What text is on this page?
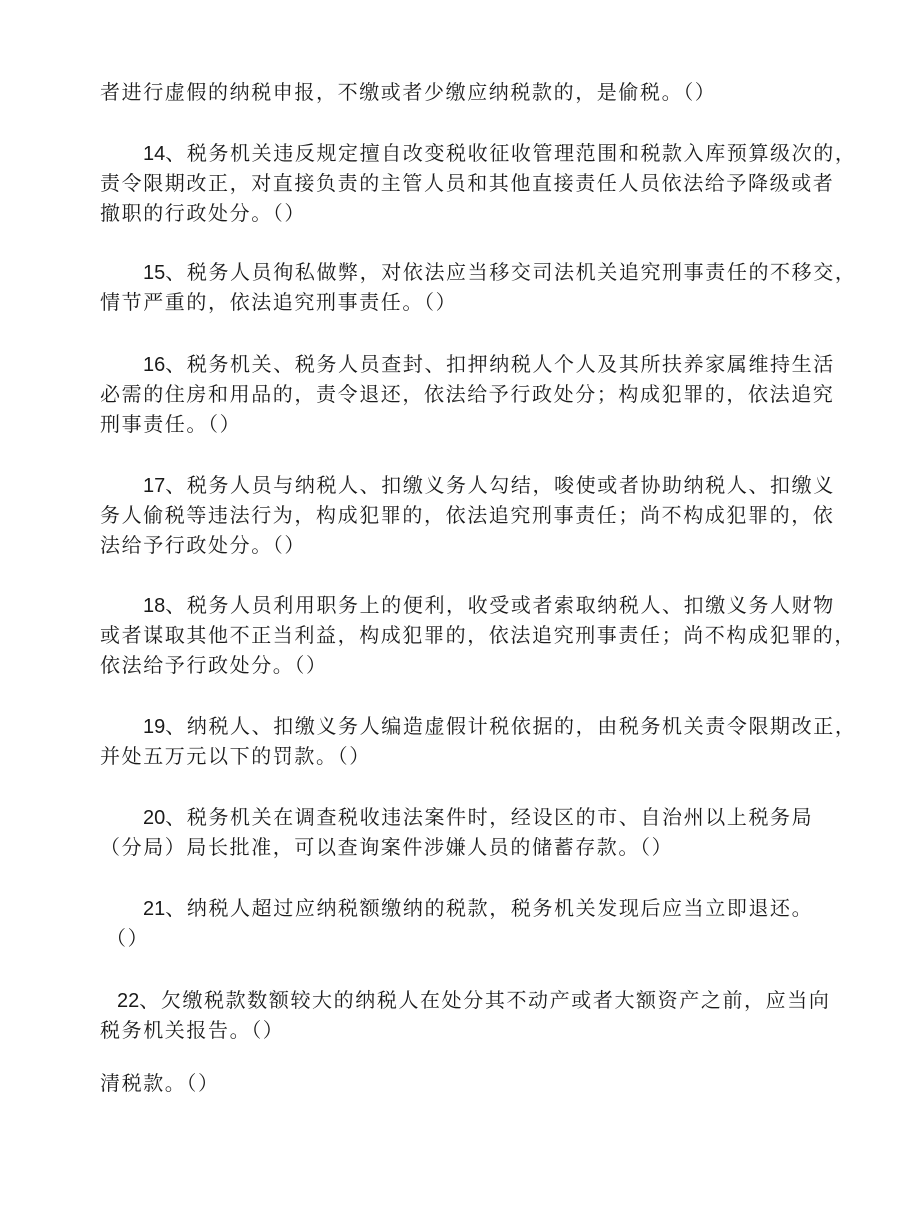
者进行虚假的纳税申报，不缴或者少缴应纳税款的，是偷税。（）
14、税务机关违反规定擅自改变税收征收管理范围和税款入库预算级次的，
责令限期改正，对直接负责的主管人员和其他直接责任人员依法给予降级或者
撤职的行政处分。（）
15、税务人员徇私做弊，对依法应当移交司法机关追究刑事责任的不移交，
情节严重的，依法追究刑事责任。（）
16、税务机关、税务人员查封、扣押纳税人个人及其所扶养家属维持生活
必需的住房和用品的，责令退还，依法给予行政处分；构成犯罪的，依法追究
刑事责任。（）
17、税务人员与纳税人、扣缴义务人勾结，唆使或者协助纳税人、扣缴义
务人偷税等违法行为，构成犯罪的，依法追究刑事责任；尚不构成犯罪的，依
法给予行政处分。（）
18、税务人员利用职务上的便利，收受或者索取纳税人、扣缴义务人财物
或者谋取其他不正当利益，构成犯罪的，依法追究刑事责任；尚不构成犯罪的，
依法给予行政处分。（）
19、纳税人、扣缴义务人编造虚假计税依据的，由税务机关责令限期改正，
并处五万元以下的罚款。（）
20、税务机关在调查税收违法案件时，经设区的市、自治州以上税务局
（分局）局长批准，可以查询案件涉嫌人员的储蓄存款。（）
21、纳税人超过应纳税额缴纳的税款，税务机关发现后应当立即退还。
（）
22、欠缴税款数额较大的纳税人在处分其不动产或者大额资产之前，应当向
税务机关报告。（）
清税款。（）
